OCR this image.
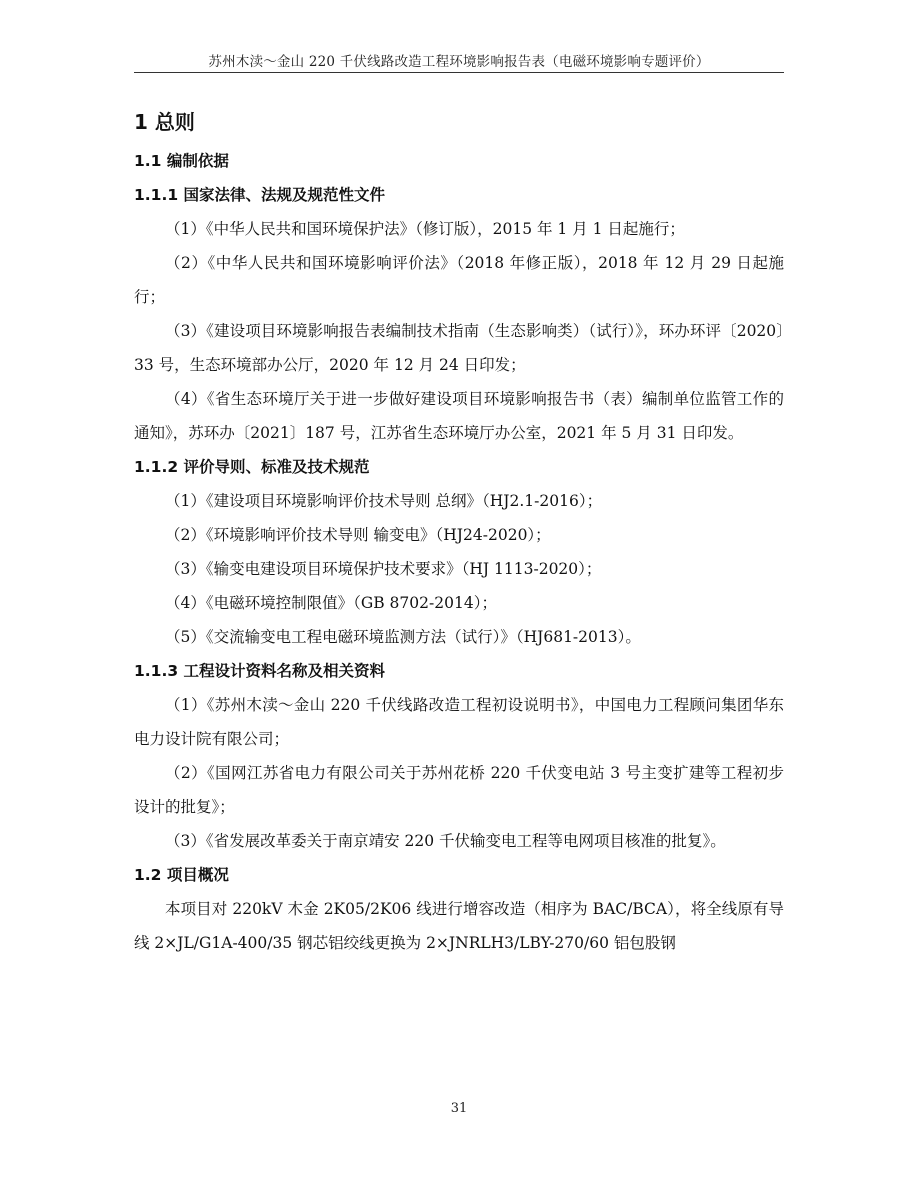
苏州木渎～金山 220 千伏线路改造工程环境影响报告表（电磁环境影响专题评价）
1 总则
1.1 编制依据
1.1.1 国家法律、法规及规范性文件

（1）《中华人民共和国环境保护法》（修订版），2015 年 1 月 1 日起施行；

（2）《中华人民共和国环境影响评价法》（2018 年修正版），2018 年 12 月 29 日起施行；

（3）《建设项目环境影响报告表编制技术指南（生态影响类）（试行）》，环办环评〔2020〕33 号，生态环境部办公厅，2020 年 12 月 24 日印发；

（4）《省生态环境厅关于进一步做好建设项目环境影响报告书（表）编制单位监管工作的通知》，苏环办〔2021〕187 号，江苏省生态环境厅办公室，2021 年 5 月 31 日印发。

1.1.2 评价导则、标准及技术规范

（1）《建设项目环境影响评价技术导则 总纲》（HJ2.1-2016）；

（2）《环境影响评价技术导则 输变电》（HJ24-2020）；

（3）《输变电建设项目环境保护技术要求》（HJ 1113-2020）；

（4）《电磁环境控制限值》（GB 8702-2014）；

（5）《交流输变电工程电磁环境监测方法（试行）》（HJ681-2013）。

1.1.3 工程设计资料名称及相关资料

（1）《苏州木渎～金山 220 千伏线路改造工程初设说明书》，中国电力工程顾问集团华东电力设计院有限公司；

（2）《国网江苏省电力有限公司关于苏州花桥 220 千伏变电站 3 号主变扩建等工程初步设计的批复》；

（3）《省发展改革委关于南京靖安 220 千伏输变电工程等电网项目核准的批复》。

1.2 项目概况

本项目对 220kV 木金 2K05/2K06 线进行增容改造（相序为 BAC/BCA），将全线原有导线 2×JL/G1A-400/35 钢芯铝绞线更换为 2×JNRLH3/LBY-270/60 铝包股钢

31
